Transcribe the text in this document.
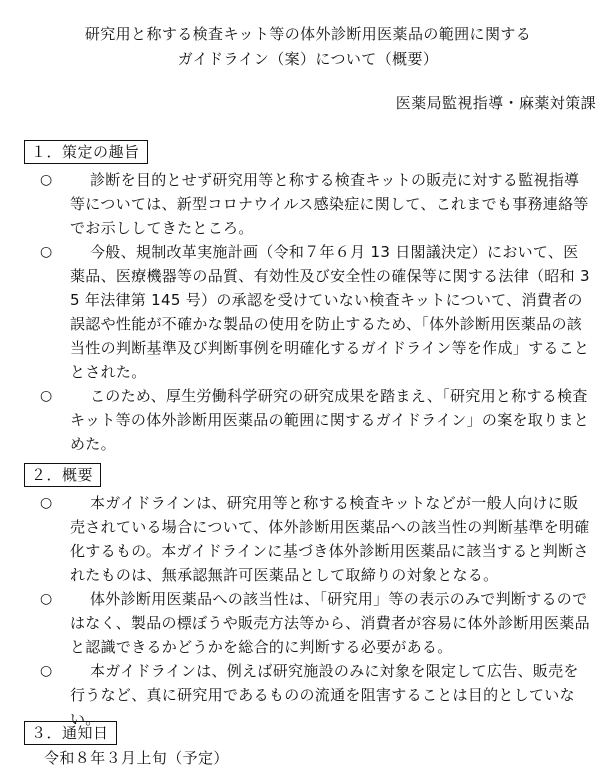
研究用と称する検査キット等の体外診断用医薬品の範囲に関する
ガイドライン（案）について（概要）
医薬局監視指導・麻薬対策課
１．策定の趣旨
○	診断を目的とせず研究用等と称する検査キットの販売に対する監視指導等については、新型コロナウイルス感染症に関して、これまでも事務連絡等でお示ししてきたところ。
○	今般、規制改革実施計画（令和７年６月 13 日閣議決定）において、医薬品、医療機器等の品質、有効性及び安全性の確保等に関する法律（昭和 35 年法律第 145 号）の承認を受けていない検査キットについて、消費者の誤認や性能が不確かな製品の使用を防止するため、「体外診断用医薬品の該当性の判断基準及び判断事例を明確化するガイドライン等を作成」することとされた。
○	このため、厚生労働科学研究の研究成果を踏まえ、「研究用と称する検査キット等の体外診断用医薬品の範囲に関するガイドライン」の案を取りまとめた。
２．概要
○	本ガイドラインは、研究用等と称する検査キットなどが一般人向けに販売されている場合について、体外診断用医薬品への該当性の判断基準を明確化するもの。本ガイドラインに基づき体外診断用医薬品に該当すると判断されたものは、無承認無許可医薬品として取締りの対象となる。
○	体外診断用医薬品への該当性は、「研究用」等の表示のみで判断するのではなく、製品の標ぼうや販売方法等から、消費者が容易に体外診断用医薬品と認識できるかどうかを総合的に判断する必要がある。
○	本ガイドラインは、例えば研究施設のみに対象を限定して広告、販売を行うなど、真に研究用であるものの流通を阻害することは目的としていない。
３．通知日
令和８年３月上旬（予定）
